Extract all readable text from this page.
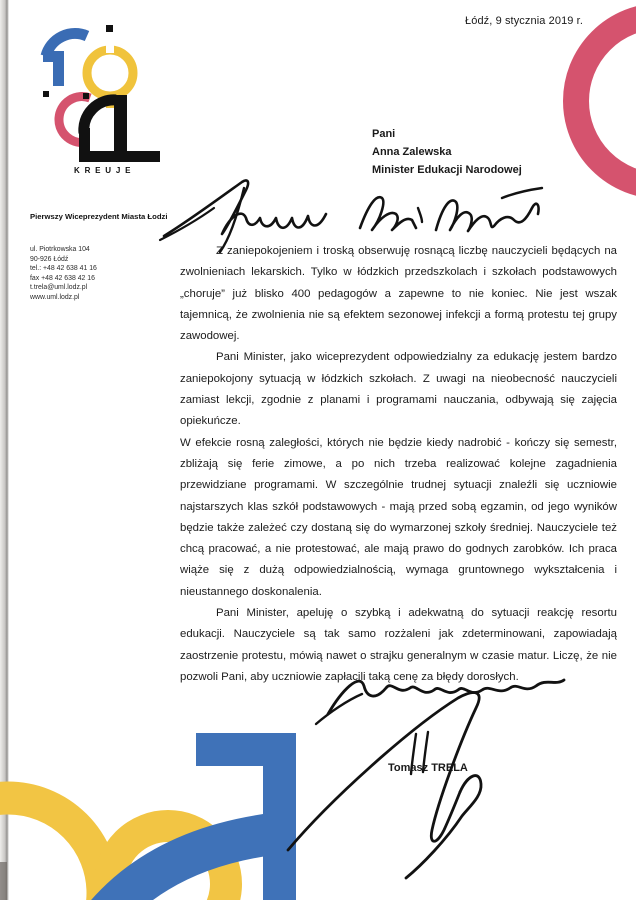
KREUJE
Łódź, 9 stycznia 2019 r.
Pierwszy Wiceprezydent Miasta Łodzi
ul. Piotrkowska 104
90-926 Łódź
tel.: +48 42 638 41 16
fax +48 42 638 42 16
t.trela@uml.lodz.pl
www.uml.lodz.pl
Pani
Anna Zalewska
Minister Edukacji Narodowej

Z zaniepokojeniem i troską obserwuję rosnącą liczbę nauczycieli będących na zwolnieniach lekarskich. Tylko w łódzkich przedszkolach i szkołach podstawowych „choruje” już blisko 400 pedagogów a zapewne to nie koniec. Nie jest wszak tajemnicą, że zwolnienia nie są efektem sezonowej infekcji a formą protestu tej grupy zawodowej.

Pani Minister, jako wiceprezydent odpowiedzialny za edukację jestem bardzo zaniepokojony sytuacją w łódzkich szkołach. Z uwagi na nieobecność nauczycieli zamiast lekcji, zgodnie z planami i programami nauczania, odbywają się zajęcia opiekuńcze.

W efekcie rosną zaległości, których nie będzie kiedy nadrobić - kończy się semestr, zbliżają się ferie zimowe, a po nich trzeba realizować kolejne zagadnienia przewidziane programami. W szczególnie trudnej sytuacji znaleźli się uczniowie najstarszych klas szkół podstawowych - mają przed sobą egzamin, od jego wyników będzie także zależeć czy dostaną się do wymarzonej szkoły średniej. Nauczyciele też chcą pracować, a nie protestować, ale mają prawo do godnych zarobków. Ich praca wiąże się z dużą odpowiedzialnością, wymaga gruntownego wykształcenia i nieustannego doskonalenia.

Pani Minister, apeluję o szybką i adekwatną do sytuacji reakcję resortu edukacji. Nauczyciele są tak samo rozżaleni jak zdeterminowani, zapowiadają zaostrzenie protestu, mówią nawet o strajku generalnym w czasie matur. Liczę, że nie pozwoli Pani, aby uczniowie zapłacili taką cenę za błędy dorosłych.

Tomasz TRELA
